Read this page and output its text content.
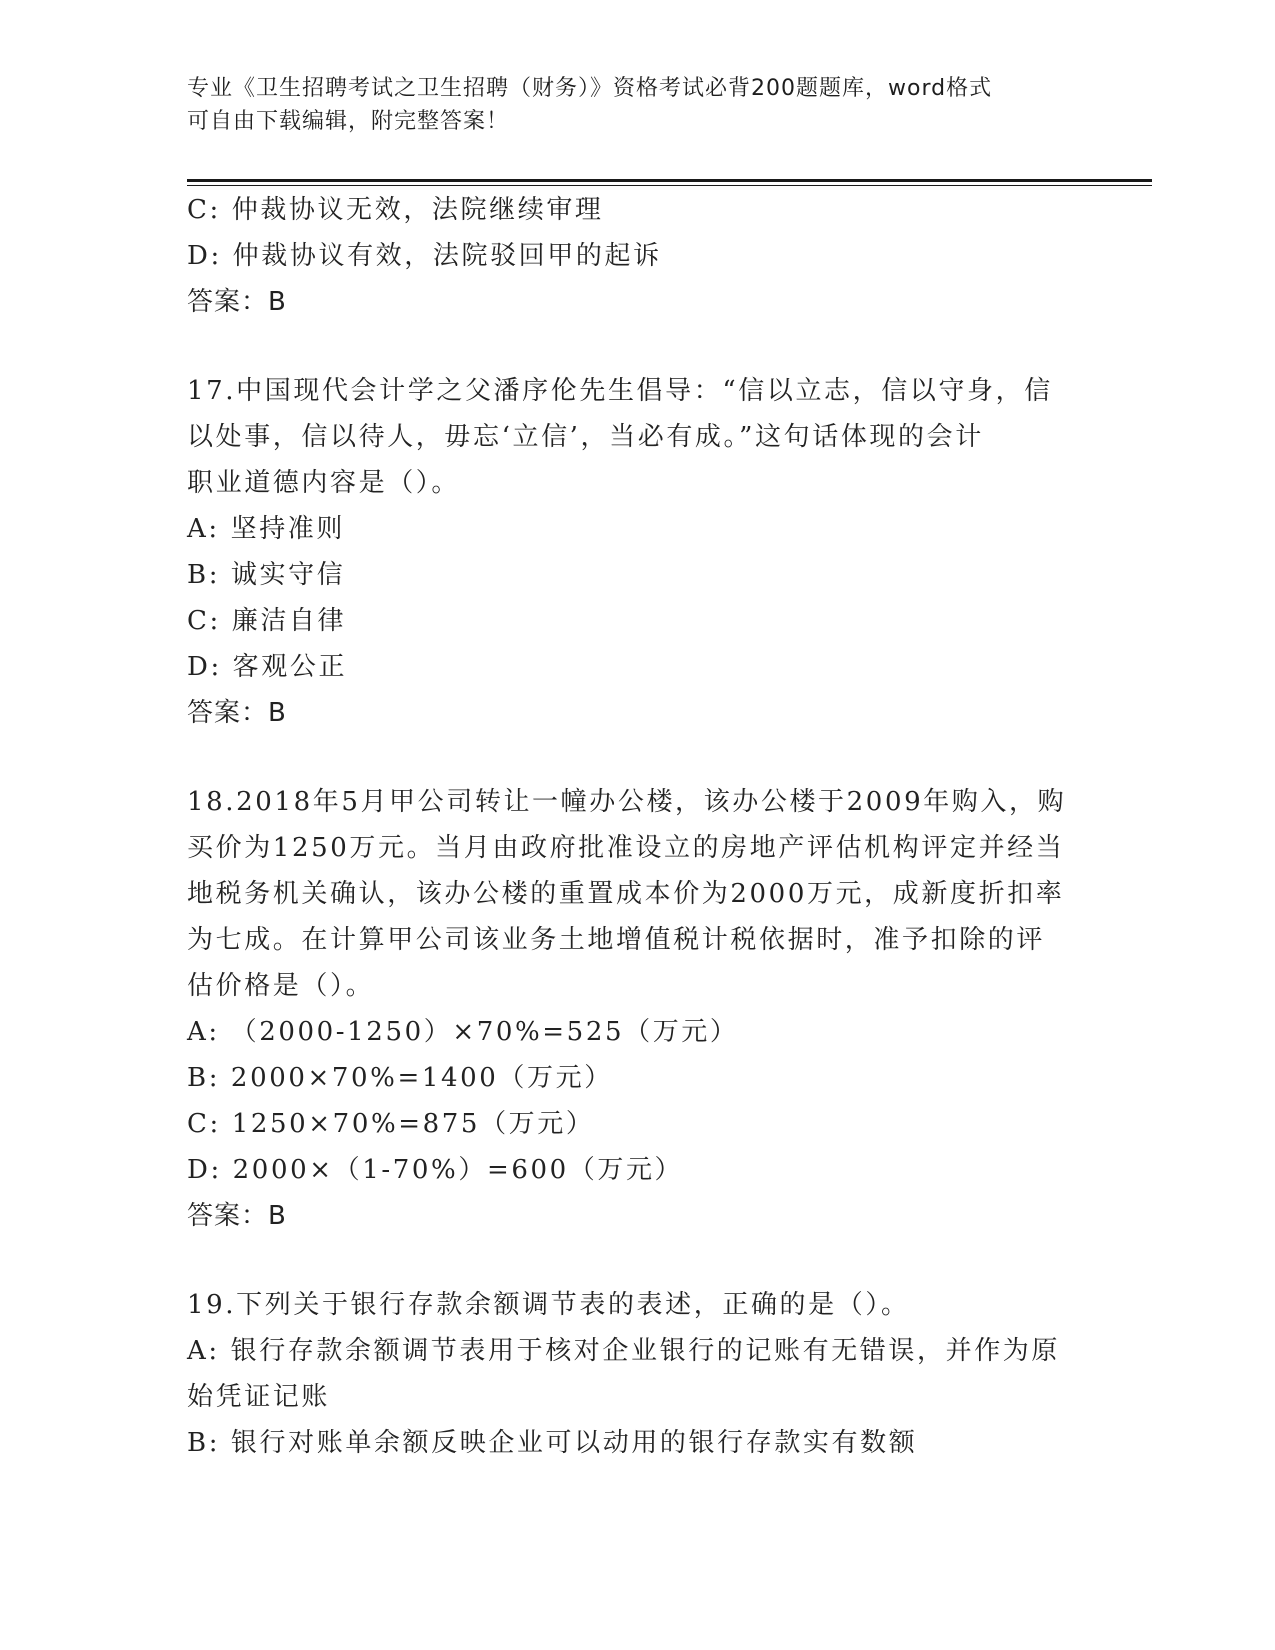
专业《卫生招聘考试之卫生招聘（财务）》资格考试必背200题题库，word格式
可自由下载编辑，附完整答案！
C: 仲裁协议无效，法院继续审理
D: 仲裁协议有效，法院驳回甲的起诉
答案：B
17.中国现代会计学之父潘序伦先生倡导：“信以立志，信以守身，信
以处事，信以待人，毋忘‘立信’，当必有成。”这句话体现的会计
职业道德内容是（）。
A: 坚持准则
B: 诚实守信
C: 廉洁自律
D: 客观公正
答案：B
18.2018年5月甲公司转让一幢办公楼，该办公楼于2009年购入，购
买价为1250万元。当月由政府批准设立的房地产评估机构评定并经当
地税务机关确认，该办公楼的重置成本价为2000万元，成新度折扣率
为七成。在计算甲公司该业务土地增值税计税依据时，准予扣除的评
估价格是（）。
A: （2000-1250）×70%=525（万元）
B: 2000×70%=1400（万元）
C: 1250×70%=875（万元）
D: 2000×（1-70%）=600（万元）
答案：B
19.下列关于银行存款余额调节表的表述，正确的是（）。
A: 银行存款余额调节表用于核对企业银行的记账有无错误，并作为原
始凭证记账
B: 银行对账单余额反映企业可以动用的银行存款实有数额
